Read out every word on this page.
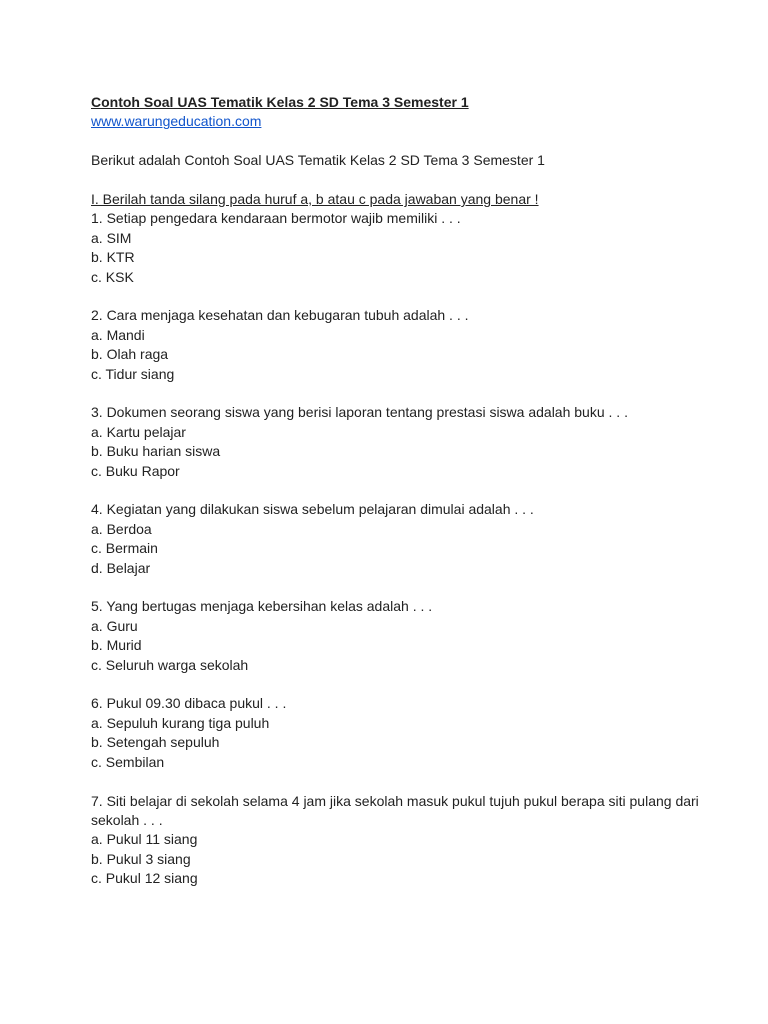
Contoh Soal UAS Tematik Kelas 2 SD Tema 3 Semester 1
www.warungeducation.com
Berikut adalah Contoh Soal UAS Tematik Kelas 2 SD Tema 3 Semester 1
I. Berilah tanda silang pada huruf a, b atau c pada jawaban yang benar !
1. Setiap pengedara kendaraan bermotor wajib memiliki . . .
a. SIM
b. KTR
c. KSK
2. Cara menjaga kesehatan dan kebugaran tubuh adalah . . .
a. Mandi
b. Olah raga
c. Tidur siang
3. Dokumen seorang siswa yang berisi laporan tentang prestasi siswa adalah buku . . .
a. Kartu pelajar
b. Buku harian siswa
c. Buku Rapor
4. Kegiatan yang dilakukan siswa sebelum pelajaran dimulai adalah . . .
a. Berdoa
c. Bermain
d. Belajar
5. Yang bertugas menjaga kebersihan kelas adalah . . .
a. Guru
b. Murid
c. Seluruh warga sekolah
6. Pukul 09.30 dibaca pukul . . .
a. Sepuluh kurang tiga puluh
b. Setengah sepuluh
c. Sembilan
7. Siti belajar di sekolah selama 4 jam jika sekolah masuk pukul tujuh pukul berapa siti pulang dari sekolah . . .
a. Pukul 11 siang
b. Pukul 3 siang
c. Pukul 12 siang
